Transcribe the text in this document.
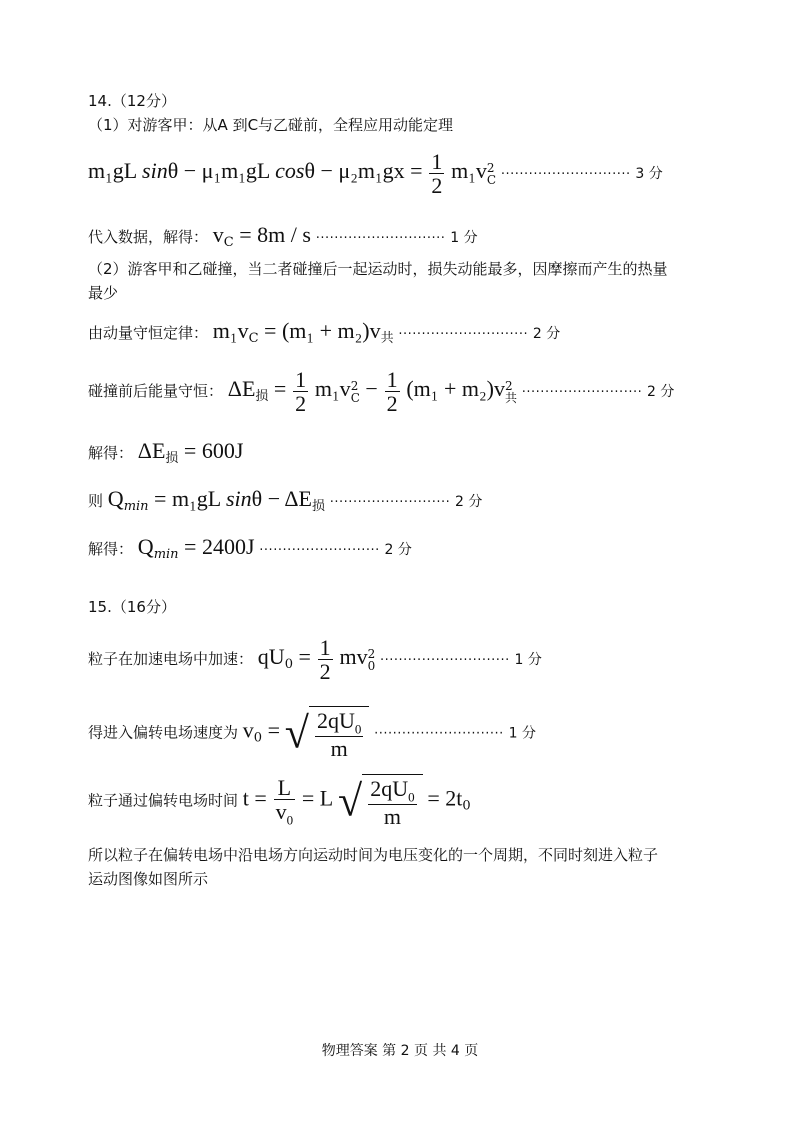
14.（12分）
（1）对游客甲：从A 到C与乙碰前，全程应用动能定理
m₁gL sinθ − μ₁m₁gL $\cos\theta - \mu_2m_1gx = \frac{1}{2} m_1v$ 2
C ···························· 3 分
代入数据，解得： $v_C = 8m / s$ ···························· 1 分
（2）游客甲和乙碰撞，当二者碰撞后一起运动时，损失动能最多，因摩擦而产生的热量
最少
由动量守恒定律： $m_1v_C = (m_1 + m_2)v_共$ ···························· 2 分
碰撞前后能量守恒： $\Delta E_损 = \frac{1}{2} m_1v$ 2
$C - \frac{1}{2} (m_1 + m_2)v$ 2
共 ·························· 2 分
解得： $\Delta E_损 = 600J$
则 $Q_{min} = m_1gL$ $\sin\theta - \Delta E_损$ ·························· 2 分
解得： $Q_{min} = 2400J$ ·························· 2 分
15.（16分）
粒子在加速电场中加速： $qU_0 = \frac{1}{2}$ mv 2
0 ···························· 1 分
得进入偏转电场速度为 $v_0$ = √ $\frac{2qU_0}{m}$ ···························· 1 分
粒子通过偏转电场时间 $t = \frac{L}{v_0} = L$ √ $\frac{2qU_0}{m} = 2t_0$
所以粒子在偏转电场中沿电场方向运动时间为电压变化的一个周期，不同时刻进入粒子
运动图像如图所示
物理答案 第 2 页 共 4 页
